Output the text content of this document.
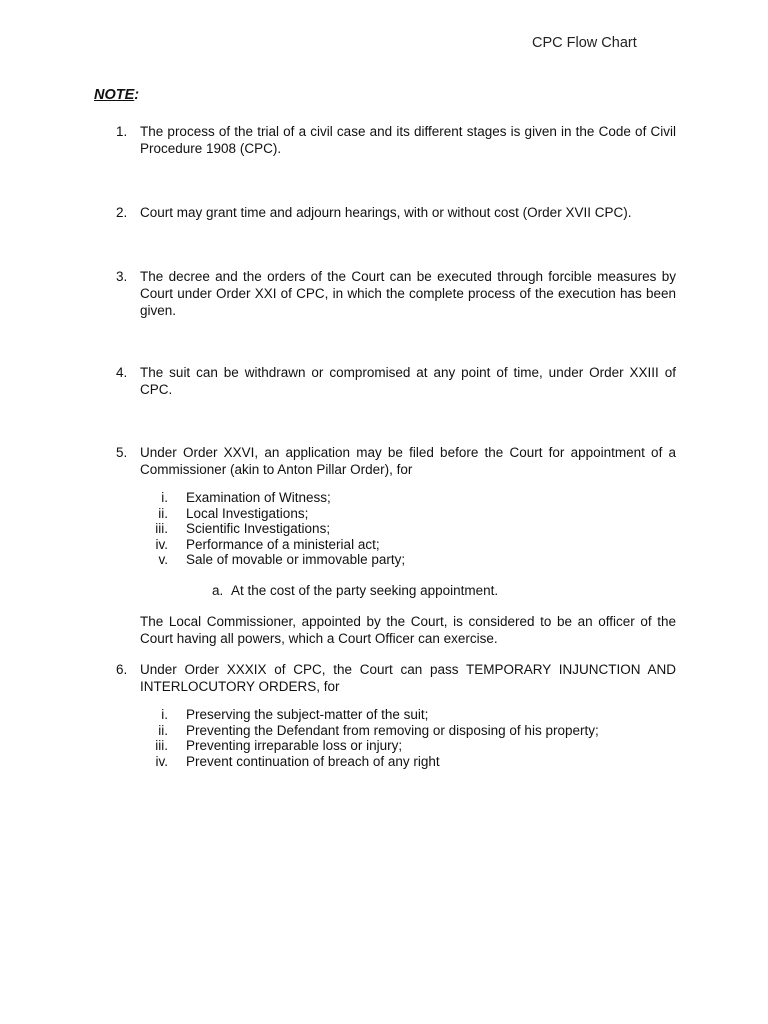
CPC Flow Chart
NOTE:
1. The process of the trial of a civil case and its different stages is given in the Code of Civil Procedure 1908 (CPC).
2. Court may grant time and adjourn hearings, with or without cost (Order XVII CPC).
3. The decree and the orders of the Court can be executed through forcible measures by Court under Order XXI of CPC, in which the complete process of the execution has been given.
4. The suit can be withdrawn or compromised at any point of time, under Order XXIII of CPC.
5. Under Order XXVI, an application may be filed before the Court for appointment of a Commissioner (akin to Anton Pillar Order), for
i.	Examination of Witness;
ii.	Local Investigations;
iii.	Scientific Investigations;
iv.	Performance of a ministerial act;
v.	Sale of movable or immovable party;
a. At the cost of the party seeking appointment.
The Local Commissioner, appointed by the Court, is considered to be an officer of the Court having all powers, which a Court Officer can exercise.
6. Under Order XXXIX of CPC, the Court can pass TEMPORARY INJUNCTION AND INTERLOCUTORY ORDERS, for
i.	Preserving the subject-matter of the suit;
ii.	Preventing the Defendant from removing or disposing of his property;
iii.	Preventing irreparable loss or injury;
iv.	Prevent continuation of breach of any right
